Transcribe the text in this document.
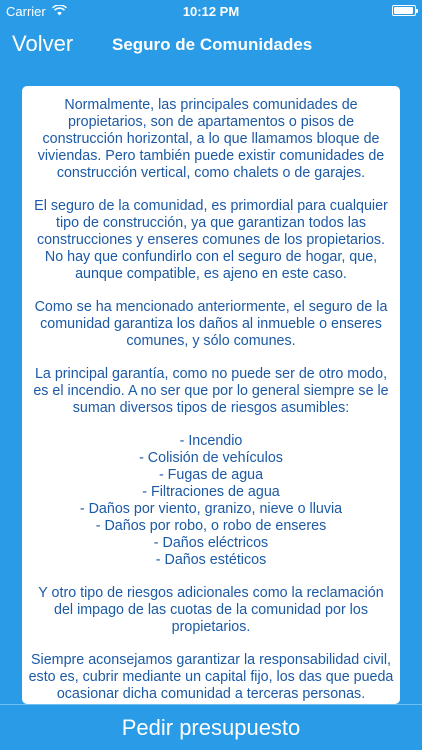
Carrier	10:12 PM
Volver Seguro de Comunidades

Normalmente, las principales comunidades de propietarios, son de apartamentos o pisos de construcción horizontal, a lo que llamamos bloque de viviendas. Pero también puede existir comunidades de construcción vertical, como chalets o de garajes.

El seguro de la comunidad, es primordial para cualquier tipo de construcción, ya que garantizan todos las construcciones y enseres comunes de los propietarios. No hay que confundirlo con el seguro de hogar, que, aunque compatible, es ajeno en este caso.

Como se ha mencionado anteriormente, el seguro de la comunidad garantiza los daños al inmueble o enseres comunes, y sólo comunes.

La principal garantía, como no puede ser de otro modo, es el incendio. A no ser que por lo general siempre se le suman diversos tipos de riesgos asumibles:

- Incendio
- Colisión de vehículos
- Fugas de agua
- Filtraciones de agua
- Daños por viento, granizo, nieve o lluvia
- Daños por robo, o robo de enseres
- Daños eléctricos
- Daños estéticos

Y otro tipo de riesgos adicionales como la reclamación del impago de las cuotas de la comunidad por los propietarios.

Siempre aconsejamos garantizar la responsabilidad civil, esto es, cubrir mediante un capital fijo, los das que pueda ocasionar dicha comunidad a terceras personas.

Pedir presupuesto
